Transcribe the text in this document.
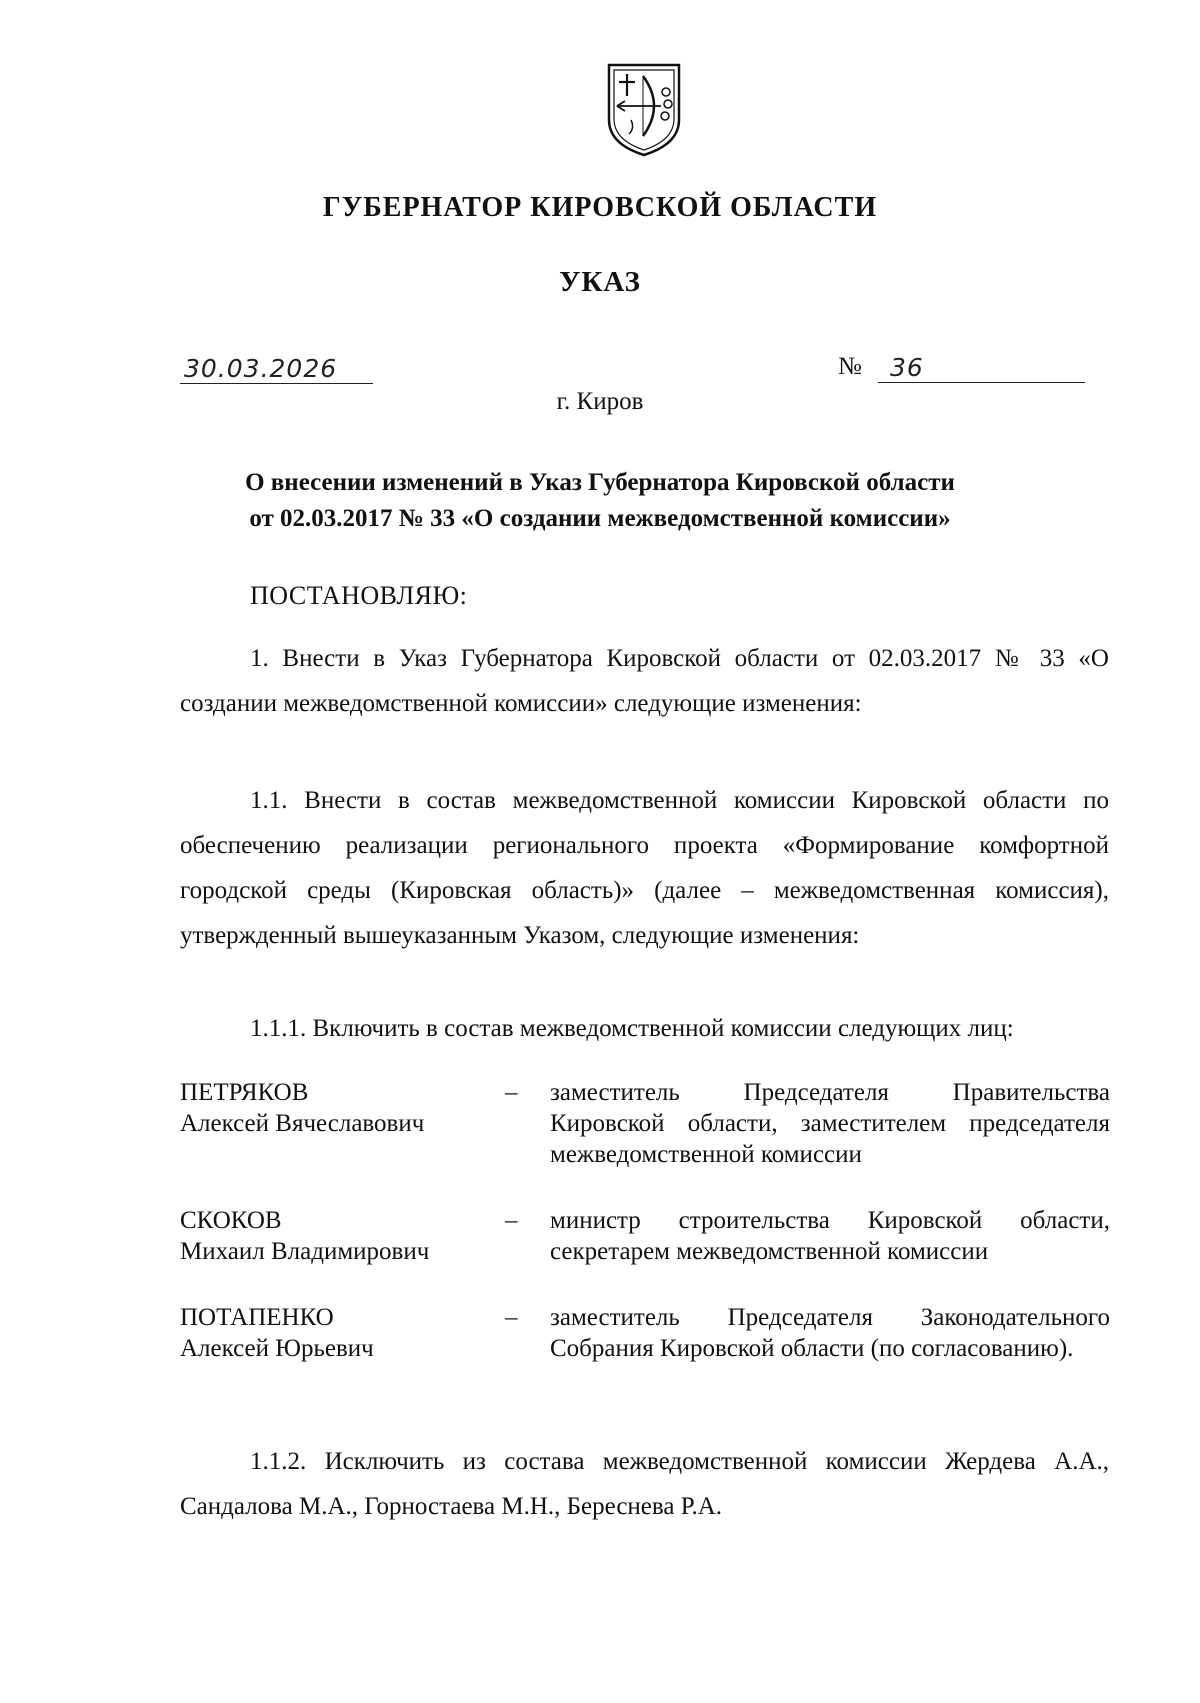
ГУБЕРНАТОР КИРОВСКОЙ ОБЛАСТИ
УКАЗ
30.03.2026	№ 36
г. Киров
О внесении изменений в Указ Губернатора Кировской области
от 02.03.2017 № 33 «О создании межведомственной комиссии»
ПОСТАНОВЛЯЮ:
1. Внести в Указ Губернатора Кировской области от 02.03.2017 № 33 «О создании межведомственной комиссии» следующие изменения:
1.1. Внести в состав межведомственной комиссии Кировской области по обеспечению реализации регионального проекта «Формирование комфортной городской среды (Кировская область)» (далее – межведомственная комиссия), утвержденный вышеуказанным Указом, следующие изменения:
1.1.1. Включить в состав межведомственной комиссии следующих лиц:
ПЕТРЯКОВ
Алексей Вячеславович
– заместитель Председателя Правительства Кировской области, заместителем председателя межведомственной комиссии
СКОКОВ
Михаил Владимирович
– министр строительства Кировской области, секретарем межведомственной комиссии
ПОТАПЕНКО
Алексей Юрьевич
– заместитель Председателя Законодательного Собрания Кировской области (по согласованию).
1.1.2. Исключить из состава межведомственной комиссии Жердева А.А., Сандалова М.А., Горностаева М.Н., Береснева Р.А.
